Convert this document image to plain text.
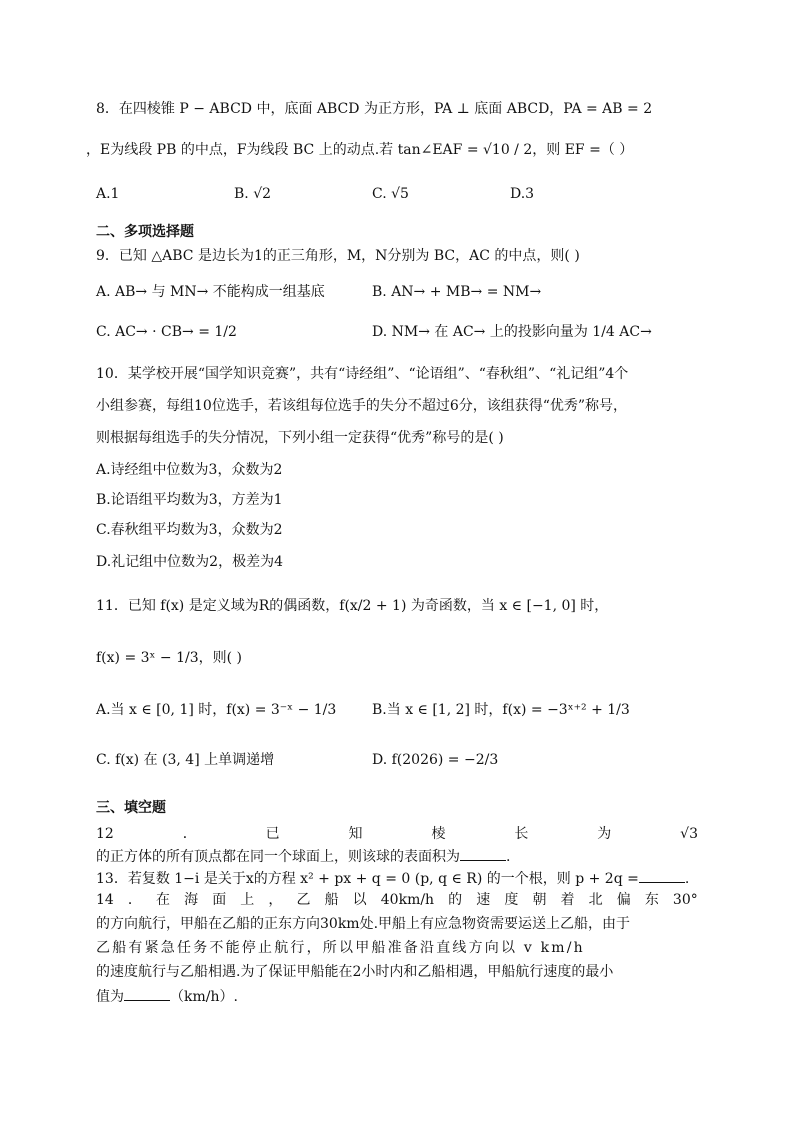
8．在四棱锥 P − ABCD 中，底面 ABCD 为正方形，PA ⊥ 底面 ABCD，PA = AB = 2
，E为线段 PB 的中点，F为线段 BC 上的动点.若 tan∠EAF = √10 / 2，则 EF =（ ）
A.1	B. √2	C. √5	D.3
二、多项选择题
9．已知 △ABC 是边长为1的正三角形，M，N分别为 BC，AC 的中点，则( )
A. AB→ 与 MN→ 不能构成一组基底	B. AN→ + MB→ = NM→
C. AC→ · CB→ = 1/2	D. NM→ 在 AC→ 上的投影向量为 1/4 AC→
10．某学校开展“国学知识竞赛”，共有“诗经组”、“论语组”、“春秋组”、“礼记组”4个
小组参赛，每组10位选手，若该组每位选手的失分不超过6分，该组获得“优秀”称号，
则根据每组选手的失分情况，下列小组一定获得“优秀”称号的是( )
A.诗经组中位数为3，众数为2
B.论语组平均数为3，方差为1
C.春秋组平均数为3，众数为2
D.礼记组中位数为2，极差为4
11．已知 f(x) 是定义域为R的偶函数，f(x/2 + 1) 为奇函数，当 x ∈ [−1, 0] 时，
f(x) = 3ˣ − 1/3，则( )
A.当 x ∈ [0, 1] 时，f(x) = 3⁻ˣ − 1/3	B.当 x ∈ [1, 2] 时，f(x) = −3ˣ⁺² + 1/3
C. f(x) 在 (3, 4] 上单调递增	D. f(2026) = −2/3
三、填空题
12	．	已	知	棱	长	为	√3
的正方体的所有顶点都在同一个球面上，则该球的表面积为	.
13．若复数 1−i 是关于x的方程 x² + px + q = 0 (p, q ∈ R) 的一个根，则 p + 2q =	.
14 ． 在 海 面 上 ， 乙 船 以 40km/h 的 速 度 朝 着 北 偏 东 30°
的方向航行，甲船在乙船的正东方向30km处.甲船上有应急物资需要运送上乙船，由于
乙船有紧急任务不能停止航行，所以甲船准备沿直线方向以 v km/h
的速度航行与乙船相遇.为了保证甲船能在2小时内和乙船相遇，甲船航行速度的最小
值为	（km/h）.
